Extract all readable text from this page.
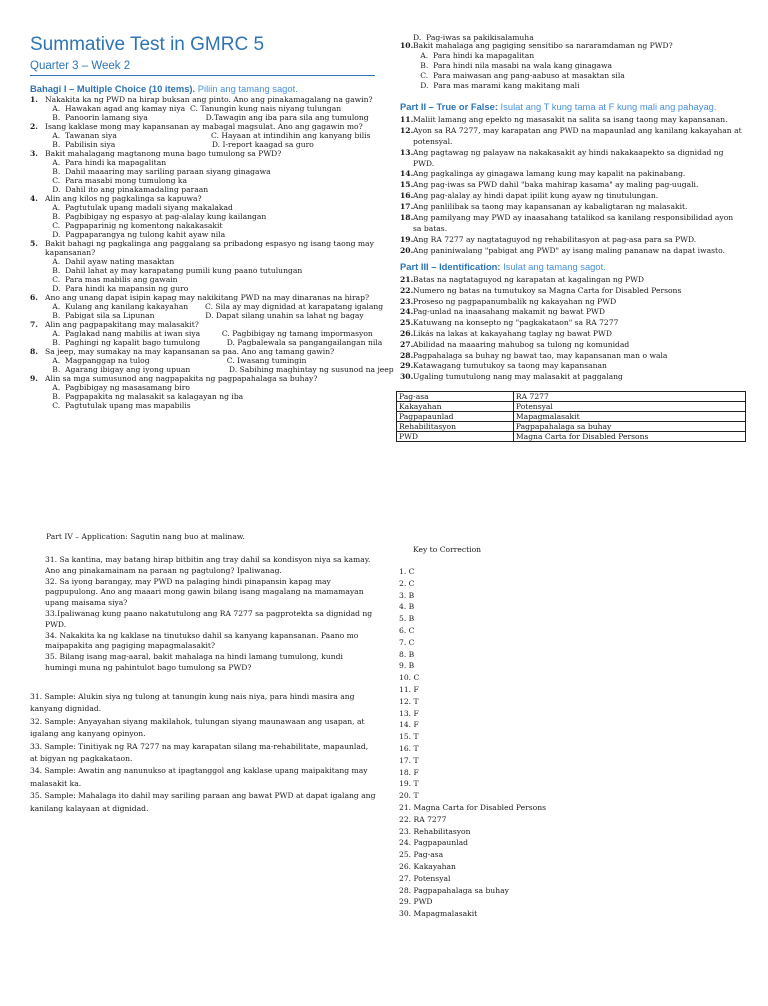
Summative Test in GMRC 5
Quarter 3 – Week 2
Bahagi I – Multiple Choice (10 items). Piliin ang tamang sagot.
1. Nakakita ka ng PWD na hirap buksan ang pinto. Ano ang pinakamagalang na gawin?
A.  Hawakan agad ang kamay niya  C. Tanungin kung nais niyang tulungan
B.  Panoorin lamang siya                        D.Tawagin ang iba para sila ang tumulong
2. Isang kaklase mong may kapansanan ay mabagal magsulat. Ano ang gagawin mo?
A.  Tawanan siya                                       C. Hayaan at intindihin ang kanyang bilis
B.  Pabilisin siya                                        D. I-report kaagad sa guro
3. Bakit mahalagang magtanong muna bago tumulong sa PWD?
A.  Para hindi ka mapagalitan
B.  Dahil maaaring may sariling paraan siyang ginagawa
C.  Para masabi mong tumulong ka
D.  Dahil ito ang pinakamadaling paraan
4. Alin ang kilos ng pagkalinga sa kapuwa?
A.  Pagtutulak upang madali siyang makalakad
B.  Pagbibigay ng espasyo at pag-alalay kung kailangan
C.  Pagpaparinig ng komentong nakakasakit
D.  Pagpaparangya ng tulong kahit ayaw nila
5. Bakit bahagi ng pagkalinga ang paggalang sa pribadong espasyo ng isang taong may
kapansanan?
A.  Dahil ayaw nating masaktan
B.  Dahil lahat ay may karapatang pumili kung paano tutulungan
C.  Para mas mabilis ang gawain
D.  Para hindi ka mapansin ng guro
6. Ano ang unang dapat isipin kapag may nakikitang PWD na may dinaranas na hirap?
A.  Kulang ang kanilang kakayahan       C. Sila ay may dignidad at karapatang igalang
B.  Pabigat sila sa Lipunan                     D. Dapat silang unahin sa lahat ng bagay
7. Alin ang pagpapakitang may malasakit?
A.  Paglakad nang mabilis at iwan siya         C. Pagbibigay ng tamang impormasyon
B.  Paghingi ng kapalit bago tumulong           D. Pagbalewala sa pangangailangan nila
8. Sa jeep, may sumakay na may kapansanan sa paa. Ano ang tamang gawin?
A.  Magpanggap na tulog                                C. Iwasang tumingin
B.  Agarang ibigay ang iyong upuan                D. Sabihing maghintay ng susunod na jeep
9. Alin sa mga sumusunod ang nagpapakita ng pagpapahalaga sa buhay?
A.  Pagbibigay ng masasamang biro
B.  Pagpapakita ng malasakit sa kalagayan ng iba
C.  Pagtutulak upang mas mapabilis
D.  Pag-iwas sa pakikisalamuha
10. Bakit mahalaga ang pagiging sensitibo sa nararamdaman ng PWD?
A.  Para hindi ka mapagalitan
B.  Para hindi nila masabi na wala kang ginagawa
C.  Para maiwasan ang pang-aabuso at masaktan sila
D.  Para mas marami kang makitang mali
Part II – True or False: Isulat ang T kung tama at F kung mali ang pahayag.
11. Maliit lamang ang epekto ng masasakit na salita sa isang taong may kapansanan.
12. Ayon sa RA 7277, may karapatan ang PWD na mapaunlad ang kanilang kakayahan at
potensyal.
13. Ang pagtawag ng palayaw na nakakasakit ay hindi nakakaapekto sa dignidad ng
PWD.
14. Ang pagkalinga ay ginagawa lamang kung may kapalit na pakinabang.
15. Ang pag-iwas sa PWD dahil "baka mahirap kasama" ay maling pag-uugali.
16. Ang pag-alalay ay hindi dapat ipilit kung ayaw ng tinutulungan.
17. Ang panlilibak sa taong may kapansanan ay kabaligtaran ng malasakit.
18. Ang pamilyang may PWD ay inaasahang tatalikod sa kanilang responsibilidad ayon
sa batas.
19. Ang RA 7277 ay nagtataguyod ng rehabilitasyon at pag-asa para sa PWD.
20. Ang paniniwalang "pabigat ang PWD" ay isang maling pananaw na dapat iwasto.
Part III – Identification: Isulat ang tamang sagot.
21. Batas na nagtataguyod ng karapatan at kagalingan ng PWD
22. Numero ng batas na tumutukoy sa Magna Carta for Disabled Persons
23. Proseso ng pagpapanumbalik ng kakayahan ng PWD
24. Pag-unlad na inaasahang makamit ng bawat PWD
25. Katuwang na konsepto ng "pagkakataon" sa RA 7277
26. Likás na lakas at kakayahang taglay ng bawat PWD
27. Abilidad na maaaring mahubog sa tulong ng komunidad
28. Pagpahalaga sa buhay ng bawat tao, may kapansanan man o wala
29. Katawagang tumutukoy sa taong may kapansanan
30. Ugaling tumutulong nang may malasakit at paggalang
Pag-asa	RA 7277
Kakayahan	Potensyal
Pagpapaunlad	Mapagmalasakit
Rehabilitasyon	Pagpapahalaga sa buhay
PWD	Magna Carta for Disabled Persons
Part IV – Application: Sagutin nang buo at malinaw.
31. Sa kantina, may batang hirap bitbitin ang tray dahil sa kondisyon niya sa kamay.
Ano ang pinakamainam na paraan ng pagtulong? Ipaliwanag.
32. Sa iyong barangay, may PWD na palaging hindi pinapansin kapag may
pagpupulong. Ano ang maaari mong gawin bilang isang magalang na mamamayan
upang maisama siya?
33.Ipaliwanag kung paano nakatutulong ang RA 7277 sa pagprotekta sa dignidad ng
PWD.
34. Nakakita ka ng kaklase na tinutukso dahil sa kanyang kapansanan. Paano mo
maipapakita ang pagiging mapagmalasakit?
35. Bilang isang mag-aaral, bakit mahalaga na hindi lamang tumulong, kundi
humingi muna ng pahintulot bago tumulong sa PWD?
31. Sample: Alukin siya ng tulong at tanungin kung nais niya, para hindi masira ang
kanyang dignidad.
32. Sample: Anyayahan siyang makilahok, tulungan siyang maunawaan ang usapan, at
igalang ang kanyang opinyon.
33. Sample: Tinitiyak ng RA 7277 na may karapatan silang ma-rehabilitate, mapaunlad,
at bigyan ng pagkakataon.
34. Sample: Awatin ang nanunukso at ipagtanggol ang kaklase upang maipakitang may
malasakit ka.
35. Sample: Mahalaga ito dahil may sariling paraan ang bawat PWD at dapat igalang ang
kanilang kalayaan at dignidad.
Key to Correction
1. C
2. C
3. B
4. B
5. B
6. C
7. C
8. B
9. B
10. C
11. F
12. T
13. F
14. F
15. T
16. T
17. T
18. F
19. T
20. T
21. Magna Carta for Disabled Persons
22. RA 7277
23. Rehabilitasyon
24. Pagpapaunlad
25. Pag-asa
26. Kakayahan
27. Potensyal
28. Pagpapahalaga sa buhay
29. PWD
30. Mapagmalasakit
